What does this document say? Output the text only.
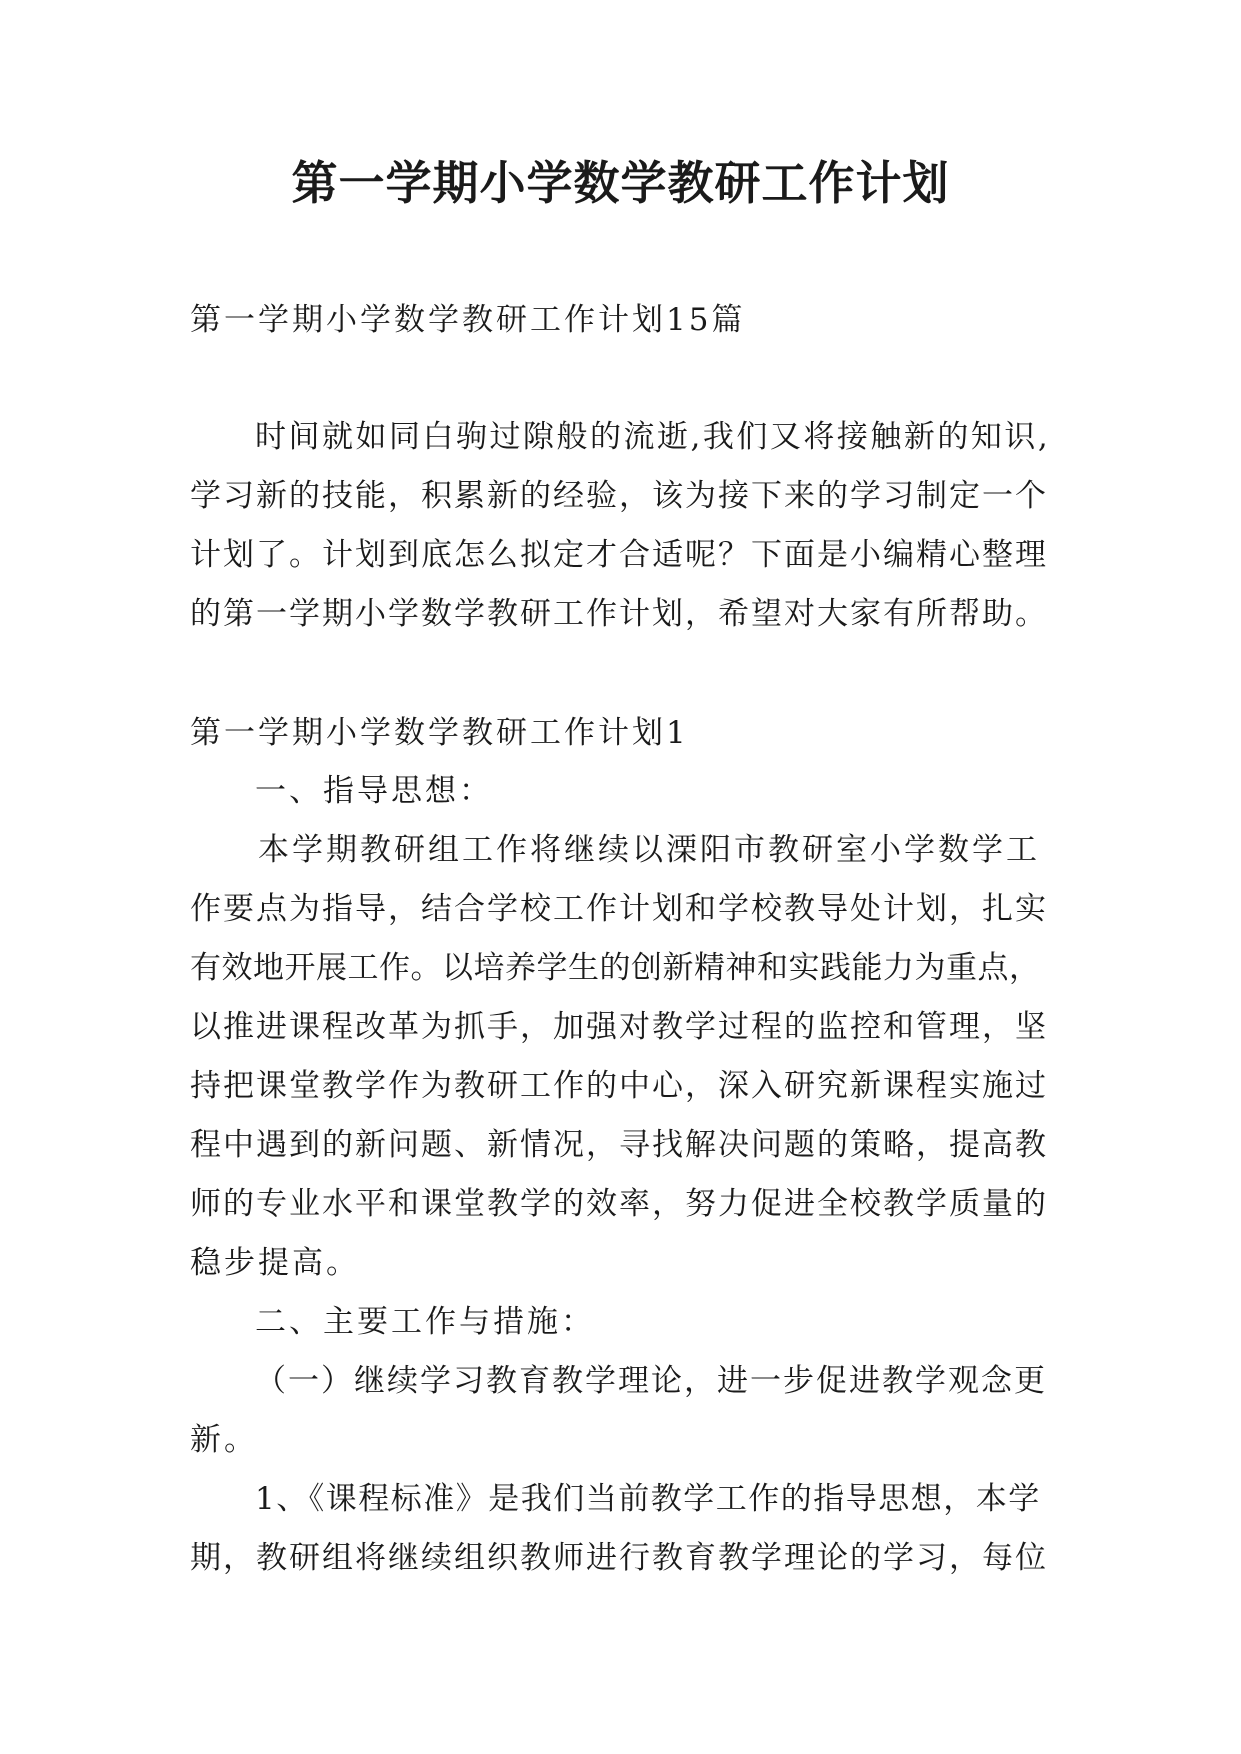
第一学期小学数学教研工作计划
第一学期小学数学教研工作计划15篇
时间就如同白驹过隙般的流逝,我们又将接触新的知识,
学习新的技能，积累新的经验，该为接下来的学习制定一个
计划了。计划到底怎么拟定才合适呢？下面是小编精心整理
的第一学期小学数学教研工作计划，希望对大家有所帮助。
第一学期小学数学教研工作计划1
一、指导思想：
本学期教研组工作将继续以溧阳市教研室小学数学工
作要点为指导，结合学校工作计划和学校教导处计划，扎实
有效地开展工作。以培养学生的创新精神和实践能力为重点，
以推进课程改革为抓手，加强对教学过程的监控和管理，坚
持把课堂教学作为教研工作的中心，深入研究新课程实施过
程中遇到的新问题、新情况，寻找解决问题的策略，提高教
师的专业水平和课堂教学的效率，努力促进全校教学质量的
稳步提高。
二、主要工作与措施：
（一）继续学习教育教学理论，进一步促进教学观念更
新。
1、《课程标准》是我们当前教学工作的指导思想，本学
期，教研组将继续组织教师进行教育教学理论的学习，每位
